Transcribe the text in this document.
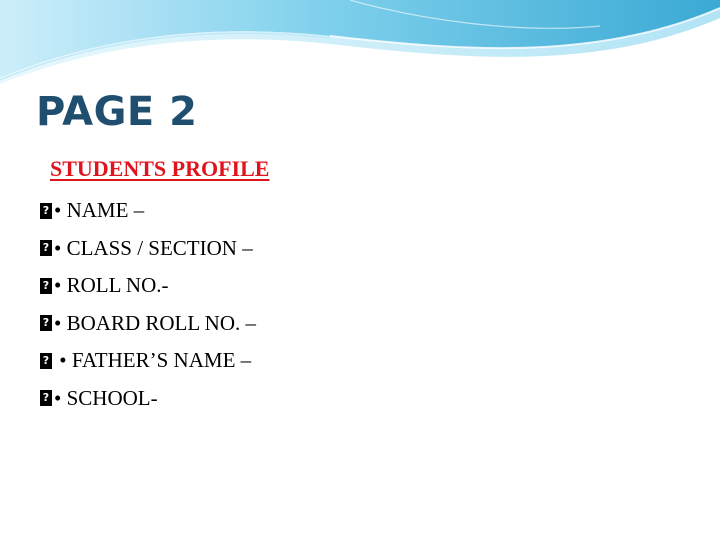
PAGE 2
STUDENTS PROFILE
?
• NAME –
?
• CLASS / SECTION –
?
• ROLL NO.-
?
• BOARD ROLL NO. –
?
• FATHER’S NAME –
?
• SCHOOL-
